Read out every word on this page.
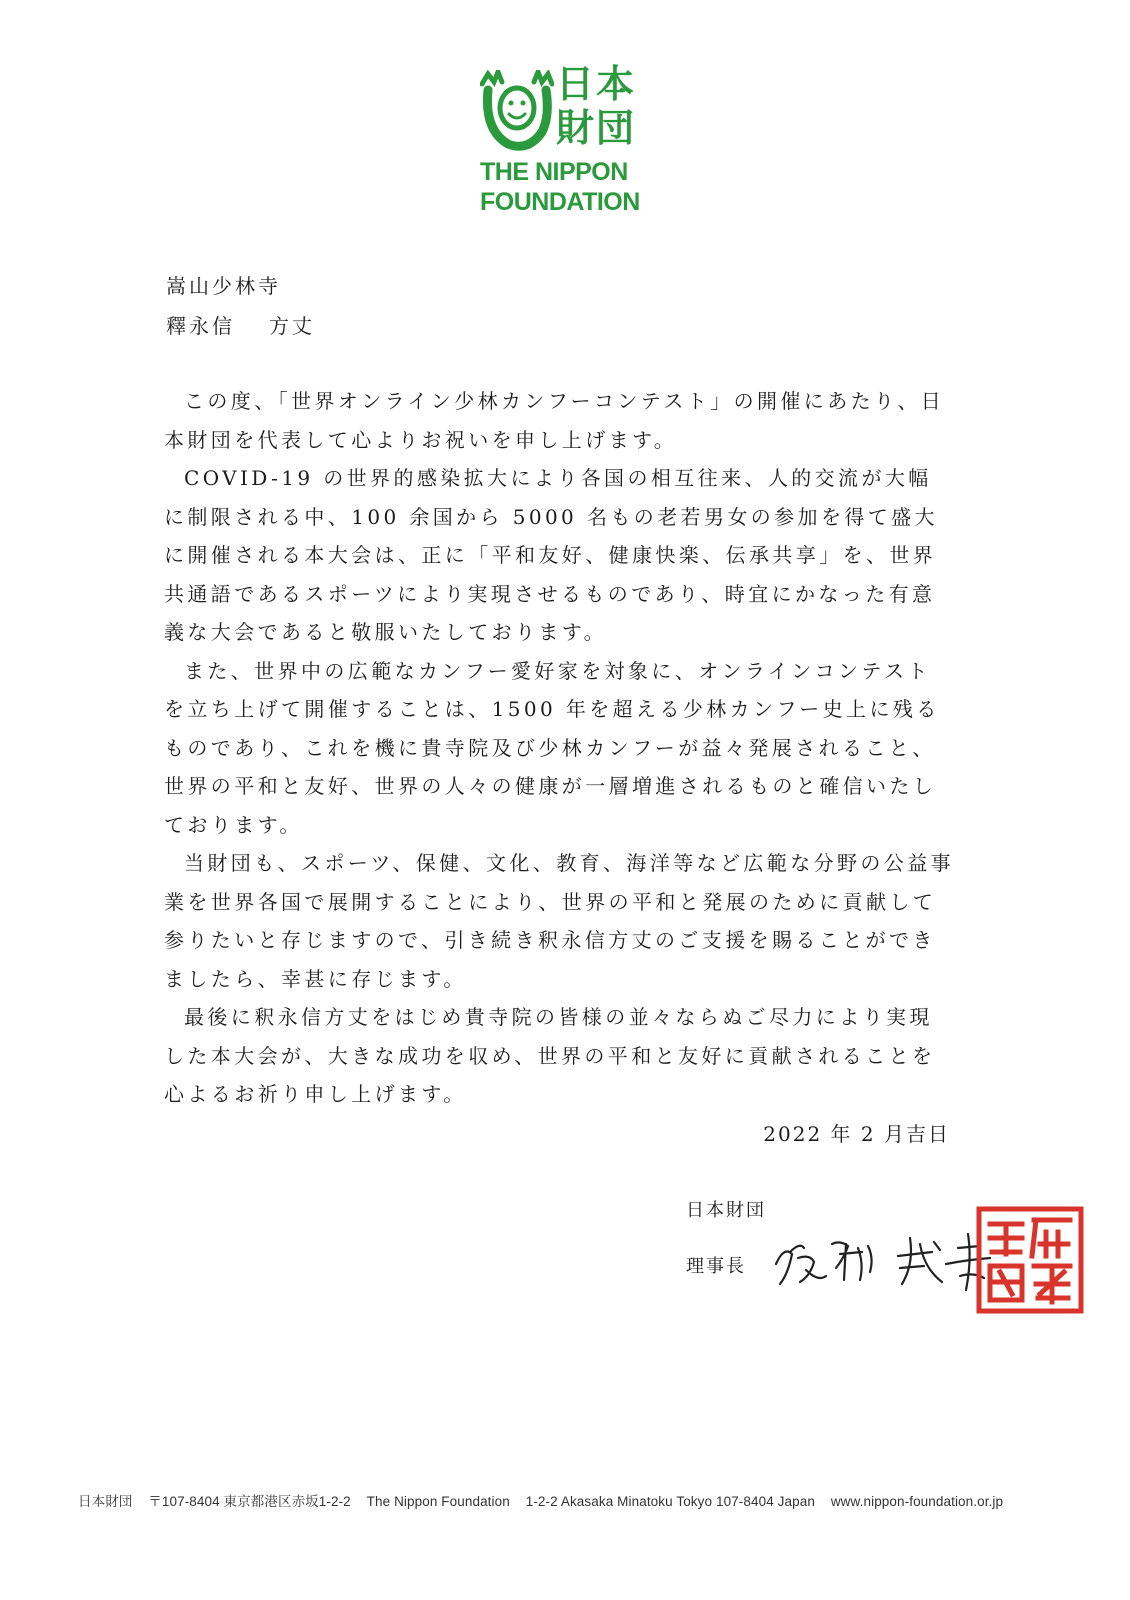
日本
財団
THE NIPPON
FOUNDATION
嵩山少林寺
釋永信 方丈

この度、「世界オンライン少林カンフーコンテスト」の開催にあたり、日本財団を代表して心よりお祝いを申し上げます。

COVID-19 の世界的感染拡大により各国の相互往来、人的交流が大幅に制限される中、100 余国から 5000 名もの老若男女の参加を得て盛大に開催される本大会は、正に「平和友好、健康快楽、伝承共享」を、世界共通語であるスポーツにより実現させるものであり、時宜にかなった有意義な大会であると敬服いたしております。

また、世界中の広範なカンフー愛好家を対象に、オンラインコンテストを立ち上げて開催することは、1500 年を超える少林カンフー史上に残るものであり、これを機に貴寺院及び少林カンフーが益々発展されること、世界の平和と友好、世界の人々の健康が一層増進されるものと確信いたしております。

当財団も、スポーツ、保健、文化、教育、海洋等など広範な分野の公益事業を世界各国で展開することにより、世界の平和と発展のために貢献して参りたいと存じますので、引き続き釈永信方丈のご支援を賜ることができましたら、幸甚に存じます。

最後に釈永信方丈をはじめ貴寺院の皆様の並々ならぬご尽力により実現した本大会が、大きな成功を収め、世界の平和と友好に貢献されることを心よるお祈り申し上げます。

2022 年 2 月吉日
日本財団
理事長
日本財団 〒107-8404 東京都港区赤坂1-2-2 The Nippon Foundation 1-2-2 Akasaka Minatoku Tokyo 107-8404 Japan www.nippon-foundation.or.jp
